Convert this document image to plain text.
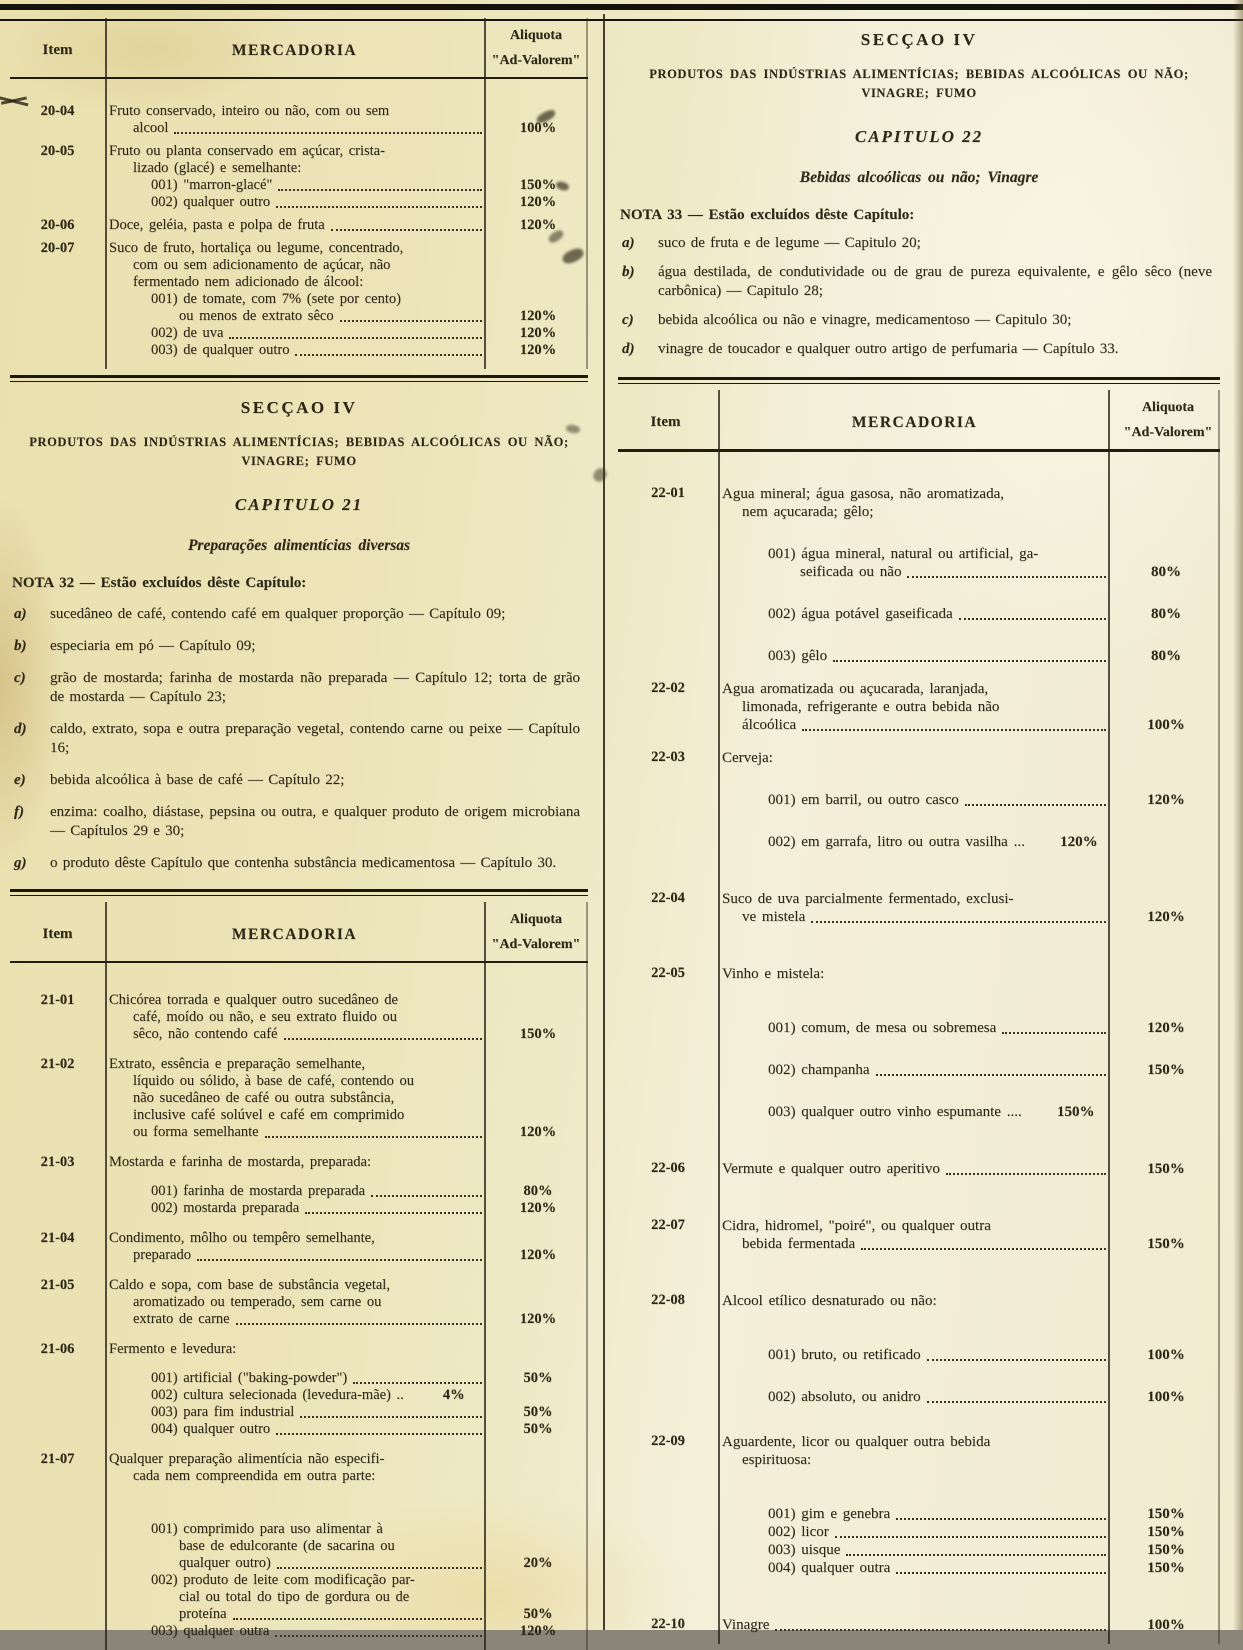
Item	MERCADORIA
Aliquota
"Ad-Valorem"
20-04	Fruto conservado, inteiro ou não, com ou sem
alcool	100%
20-05	Fruto ou planta conservado em açúcar, crista-
lizado (glacé) e semelhante:
001) "marron-glacé"	150%
002) qualquer outro	120%
20-06	Doce, geléia, pasta e polpa de fruta	120%
20-07	Suco de fruto, hortaliça ou legume, concentrado,
com ou sem adicionamento de açúcar, não
fermentado nem adicionado de álcool:
001) de tomate, com 7% (sete por cento)
ou menos de extrato sêco	120%
002) de uva	120%
003) de qualquer outro	120%
SECÇAO IV
PRODUTOS DAS INDÚSTRIAS ALIMENTÍCIAS; BEBIDAS ALCOÓLICAS OU NÃO;
VINAGRE; FUMO
CAPITULO 21
Preparações alimentícias diversas
NOTA 32 — Estão excluídos dêste Capítulo:
a)	sucedâneo de café, contendo café em qualquer proporção — Capítulo 09;
b)	especiaria em pó — Capítulo 09;
c)	grão de mostarda; farinha de mostarda não preparada — Capítulo 12; torta de grão de mostarda — Capítulo 23;
d)	caldo, extrato, sopa e outra preparação vegetal, contendo carne ou peixe — Capítulo 16;
e)	bebida alcoólica à base de café — Capítulo 22;
f)	enzima: coalho, diástase, pepsina ou outra, e qualquer produto de origem microbiana — Capítulos 29 e 30;
g)	o produto dêste Capítulo que contenha substância medicamentosa — Capítulo 30.
Item	MERCADORIA
Aliquota
"Ad-Valorem"
21-01	Chicórea torrada e qualquer outro sucedâneo de
café, moído ou não, e seu extrato fluido ou
sêco, não contendo café	150%
21-02	Extrato, essência e preparação semelhante,
líquido ou sólido, à base de café, contendo ou
não sucedâneo de café ou outra substância,
inclusive café solúvel e café em comprimido
ou forma semelhante	120%
21-03	Mostarda e farinha de mostarda, preparada:
001) farinha de mostarda preparada	80%
002) mostarda preparada	120%
21-04	Condimento, môlho ou tempêro semelhante,
preparado	120%
21-05	Caldo e sopa, com base de substância vegetal,
aromatizado ou temperado, sem carne ou
extrato de carne	120%
21-06	Fermento e levedura:
001) artificial ("baking-powder")	50%
002) cultura selecionada (levedura-mãe) ..	4%
003) para fim industrial	50%
004) qualquer outro	50%
21-07	Qualquer preparação alimentícia não especifi-
cada nem compreendida em outra parte:
001) comprimido para uso alimentar à
base de edulcorante (de sacarina ou
qualquer outro)	20%
002) produto de leite com modificação par-
cial ou total do tipo de gordura ou de
proteína	50%
003) qualquer outra	120%
SECÇAO IV
PRODUTOS DAS INDÚSTRIAS ALIMENTÍCIAS; BEBIDAS ALCOÓLICAS OU NÃO;
VINAGRE; FUMO
CAPITULO 22
Bebidas alcoólicas ou não; Vinagre
NOTA 33 — Estão excluídos dêste Capítulo:
a)	suco de fruta e de legume — Capitulo 20;
b)	água destilada, de condutividade ou de grau de pureza equivalente, e gêlo sêco (neve carbônica) — Capitulo 28;
c)	bebida alcoólica ou não e vinagre, medicamentoso — Capitulo 30;
d)	vinagre de toucador e qualquer outro artigo de perfumaria — Capítulo 33.
Item	MERCADORIA
Aliquota
"Ad-Valorem"
22-01	Agua mineral; água gasosa, não aromatizada,
nem açucarada; gêlo;
001) água mineral, natural ou artificial, ga-
seificada ou não	80%
002) água potável gaseificada	80%
003) gêlo	80%
22-02	Agua aromatizada ou açucarada, laranjada,
limonada, refrigerante e outra bebida não
álcoólica	100%
22-03	Cerveja:
001) em barril, ou outro casco	120%
002) em garrafa, litro ou outra vasilha ...	120%
22-04	Suco de uva parcialmente fermentado, exclusi-
ve mistela	120%
22-05	Vinho e mistela:
001) comum, de mesa ou sobremesa	120%
002) champanha	150%
003) qualquer outro vinho espumante ....	150%
22-06	Vermute e qualquer outro aperitivo	150%
22-07	Cidra, hidromel, "poiré", ou qualquer outra
bebida fermentada	150%
22-08	Alcool etílico desnaturado ou não:
001) bruto, ou retificado	100%
002) absoluto, ou anidro	100%
22-09	Aguardente, licor ou qualquer outra bebida
espirituosa:
001) gim e genebra	150%
002) licor	150%
003) uisque	150%
004) qualquer outra	150%
22-10	Vinagre	100%
